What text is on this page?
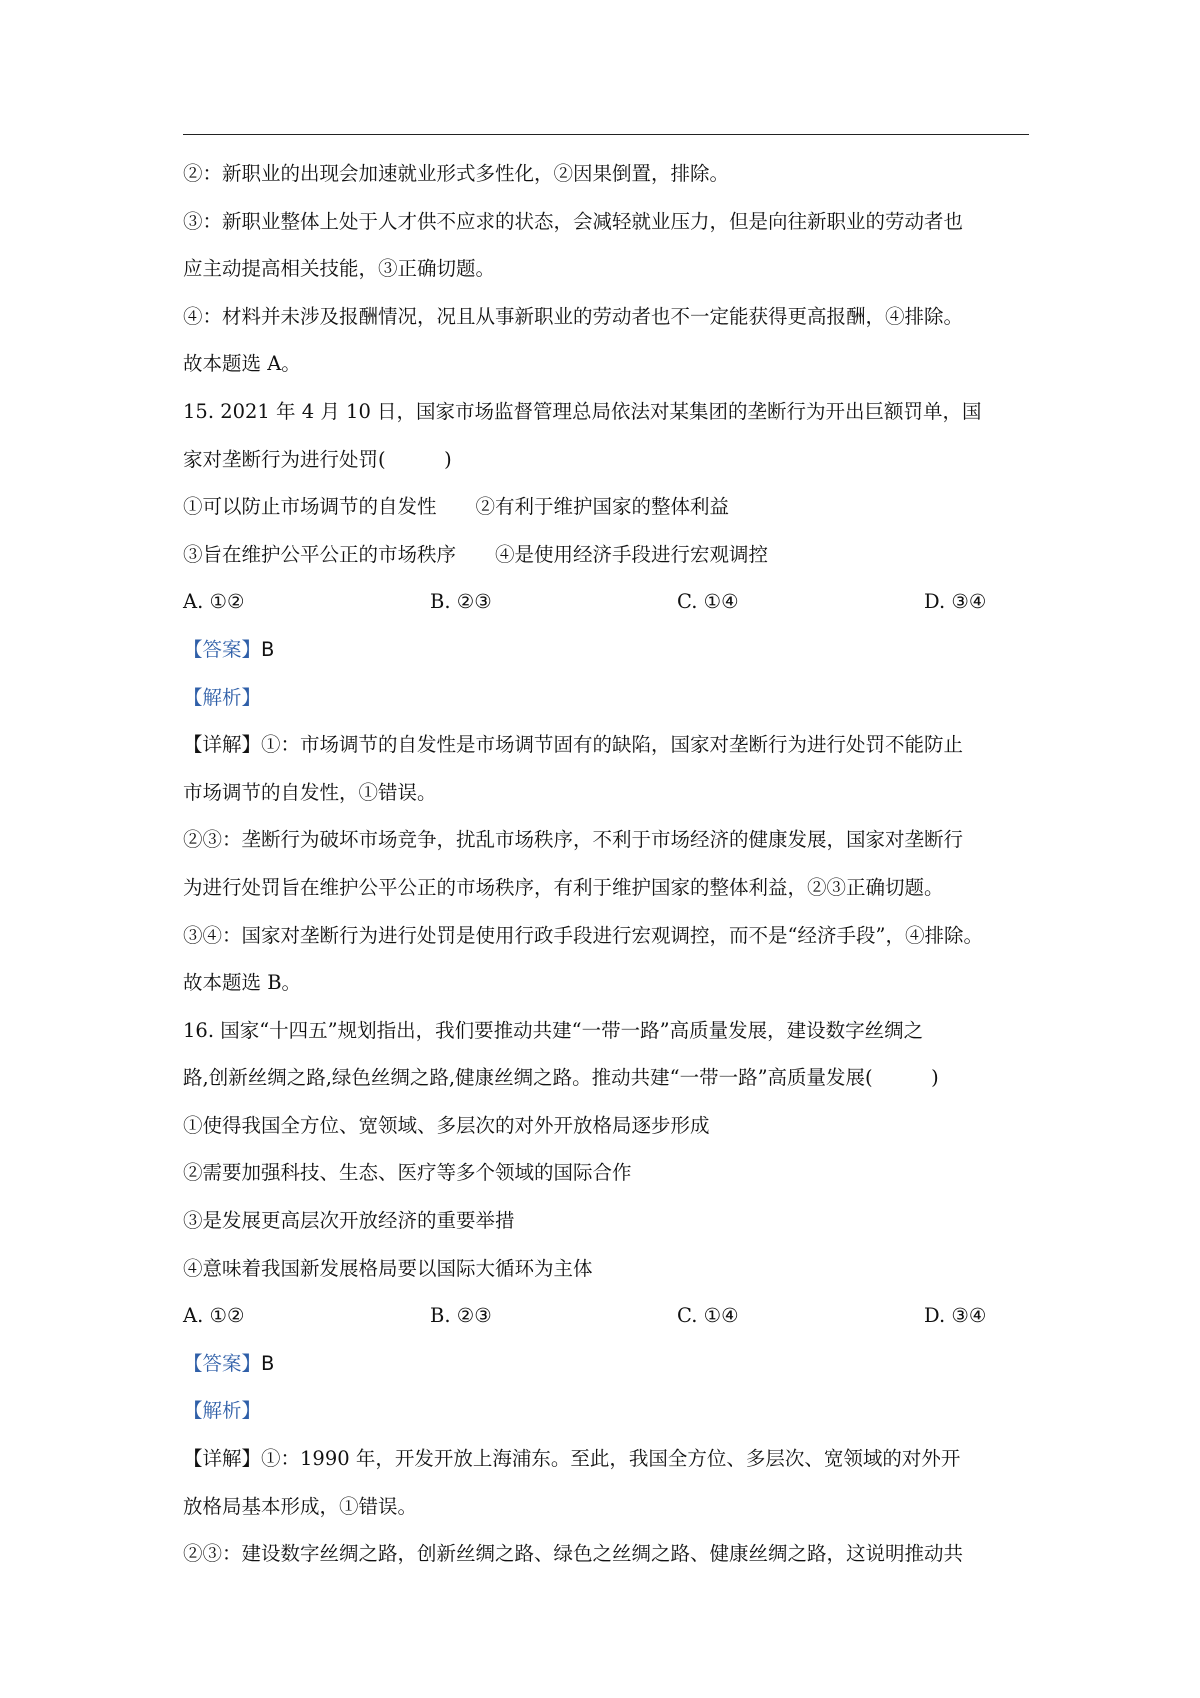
②：新职业的出现会加速就业形式多性化，②因果倒置，排除。
③：新职业整体上处于人才供不应求的状态，会减轻就业压力，但是向往新职业的劳动者也
应主动提高相关技能，③正确切题。
④：材料并未涉及报酬情况，况且从事新职业的劳动者也不一定能获得更高报酬，④排除。
故本题选 A。
15. 2021 年 4 月 10 日，国家市场监督管理总局依法对某集团的垄断行为开出巨额罚单，国
家对垄断行为进行处罚(　　　)
①可以防止市场调节的自发性　　②有利于维护国家的整体利益
③旨在维护公平公正的市场秩序　　④是使用经济手段进行宏观调控
A. ①②	B. ②③	C. ①④	D. ③④
【答案】B
【解析】
【详解】①：市场调节的自发性是市场调节固有的缺陷，国家对垄断行为进行处罚不能防止
市场调节的自发性，①错误。
②③：垄断行为破坏市场竞争，扰乱市场秩序，不利于市场经济的健康发展，国家对垄断行
为进行处罚旨在维护公平公正的市场秩序，有利于维护国家的整体利益，②③正确切题。
③④：国家对垄断行为进行处罚是使用行政手段进行宏观调控，而不是“经济手段”，④排除。
故本题选 B。
16. 国家“十四五”规划指出，我们要推动共建“一带一路”高质量发展，建设数字丝绸之
路,创新丝绸之路,绿色丝绸之路,健康丝绸之路。推动共建“一带一路”高质量发展(　　　)
①使得我国全方位、宽领域、多层次的对外开放格局逐步形成
②需要加强科技、生态、医疗等多个领域的国际合作
③是发展更高层次开放经济的重要举措
④意味着我国新发展格局要以国际大循环为主体
A. ①②	B. ②③	C. ①④	D. ③④
【答案】B
【解析】
【详解】①：1990 年，开发开放上海浦东。至此，我国全方位、多层次、宽领域的对外开
放格局基本形成，①错误。
②③：建设数字丝绸之路，创新丝绸之路、绿色之丝绸之路、健康丝绸之路，这说明推动共
